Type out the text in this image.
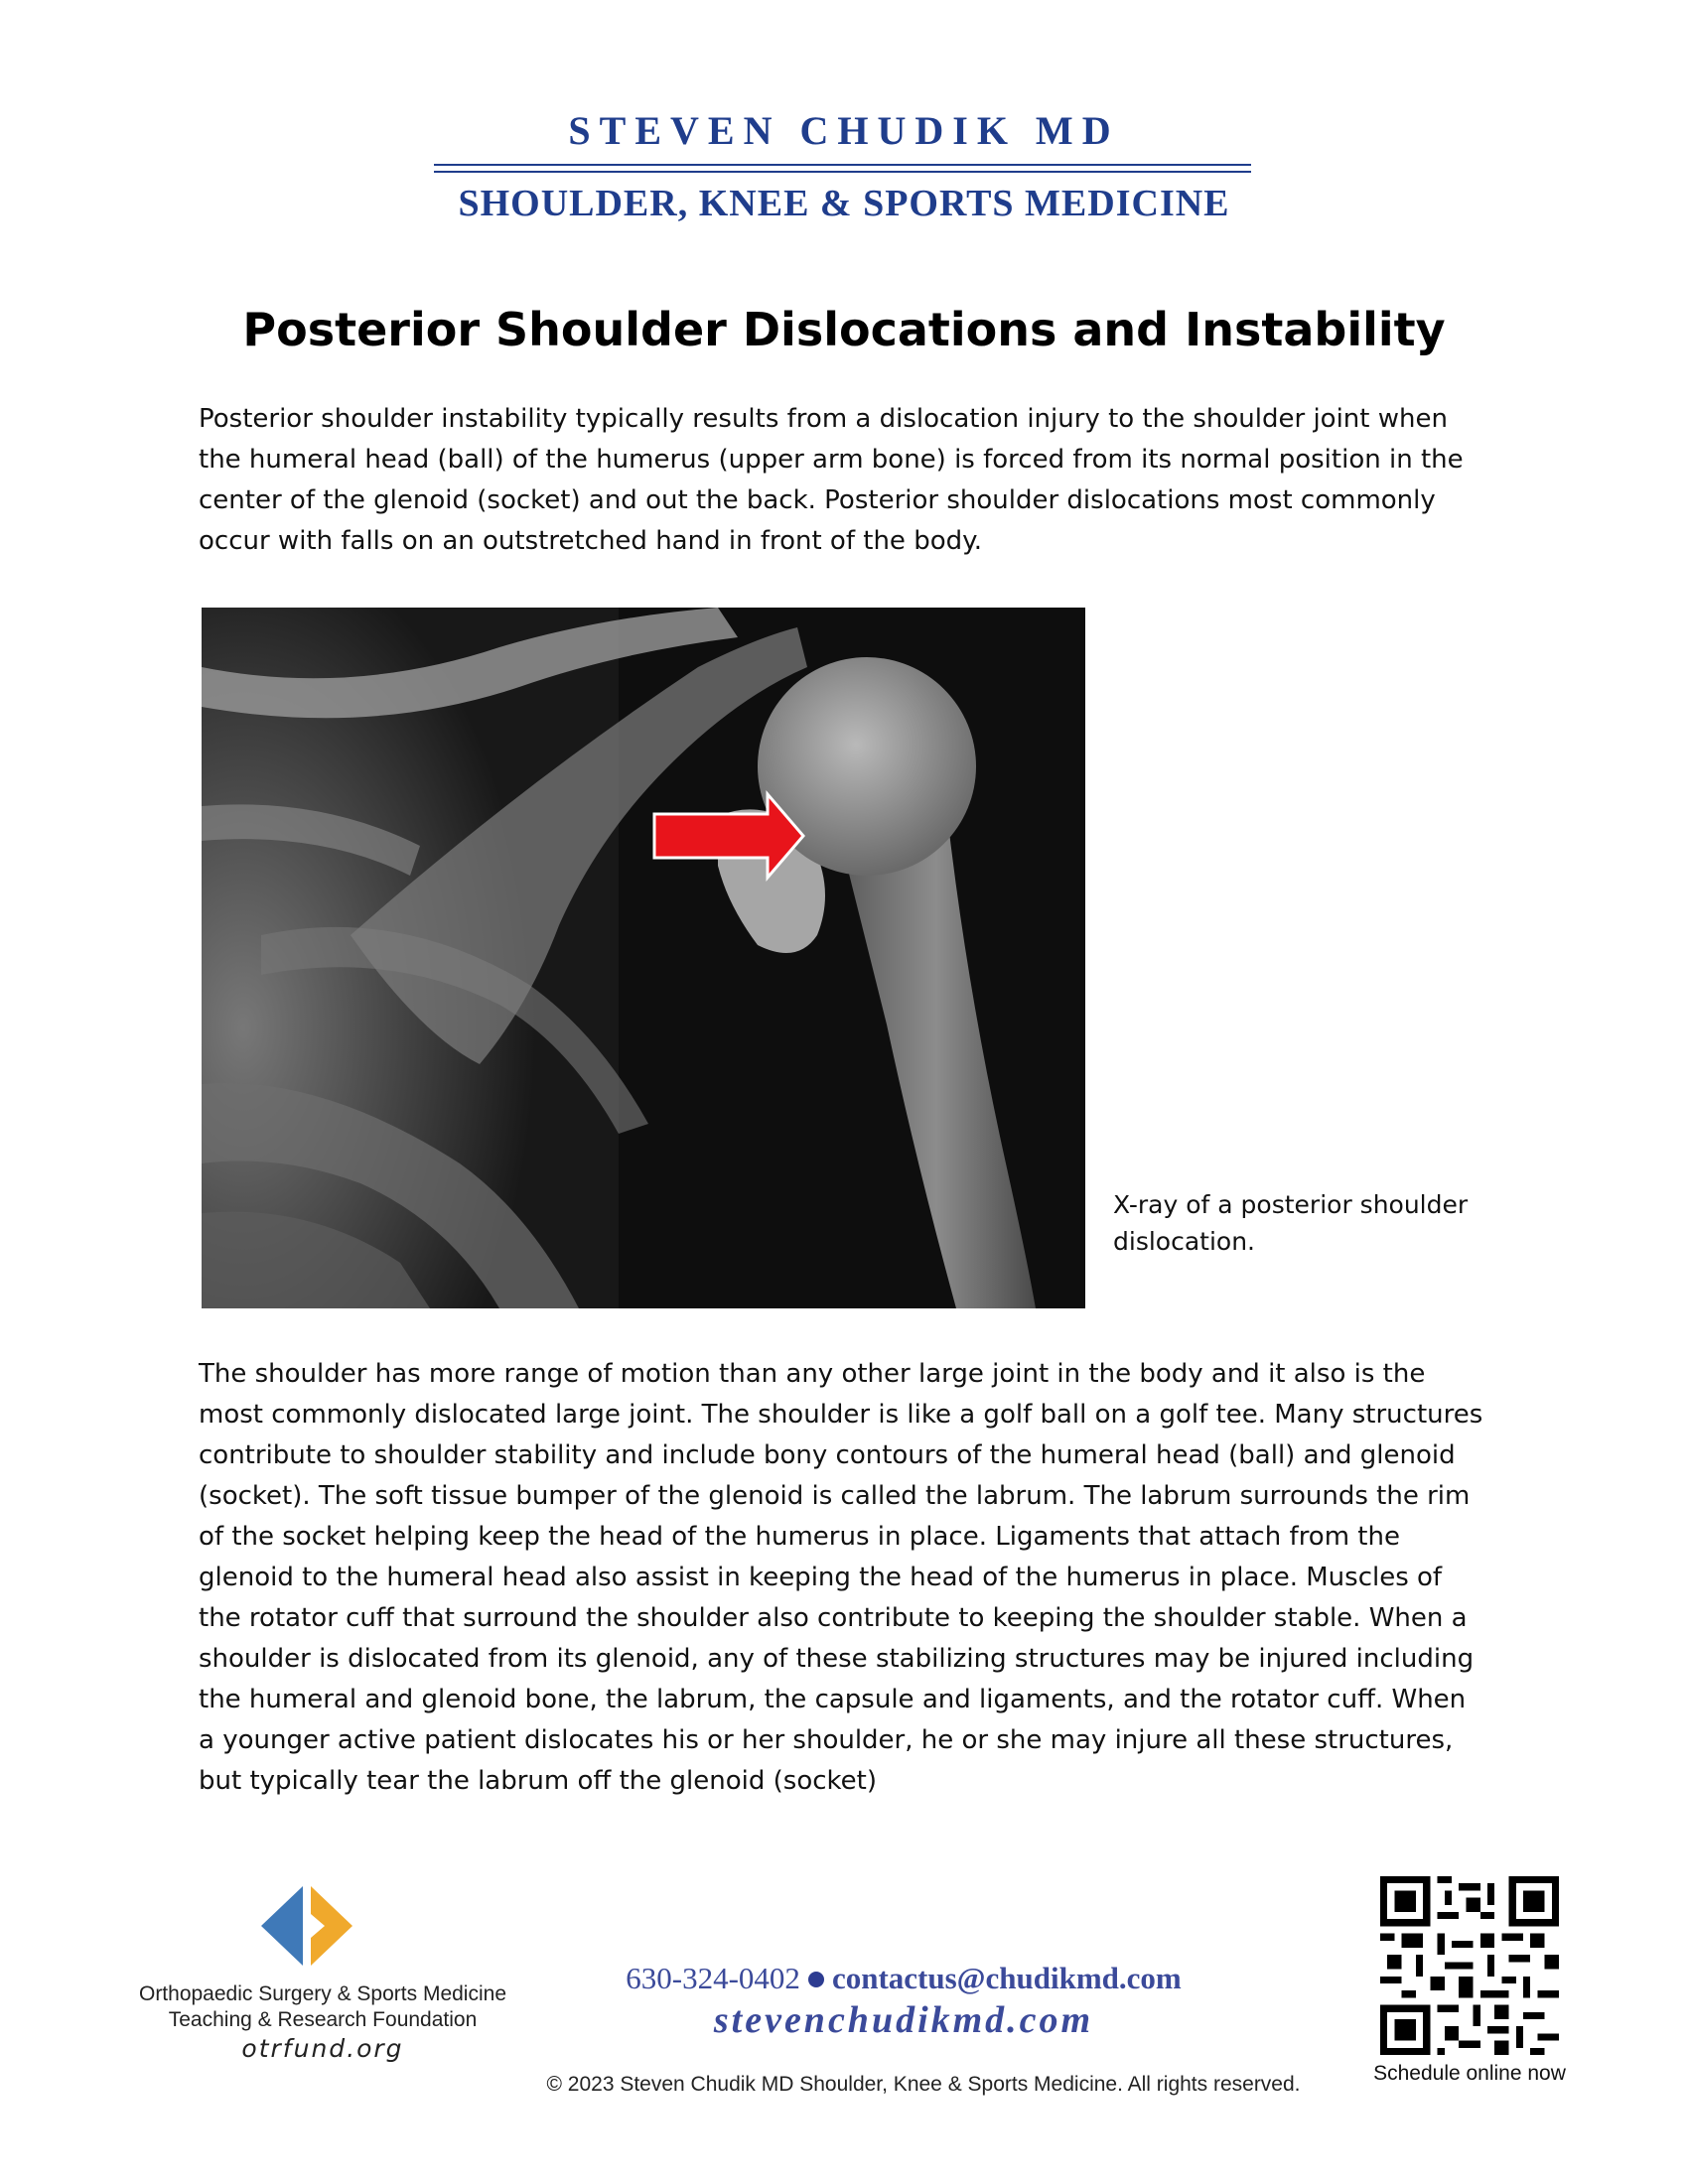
STEVEN CHUDIK MD
SHOULDER, KNEE & SPORTS MEDICINE
Posterior Shoulder Dislocations and Instability

Posterior shoulder instability typically results from a dislocation injury to the shoulder joint when the humeral head (ball) of the humerus (upper arm bone) is forced from its normal position in the center of the glenoid (socket) and out the back. Posterior shoulder dislocations most commonly occur with falls on an outstretched hand in front of the body.

X-ray of a posterior shoulder dislocation.

The shoulder has more range of motion than any other large joint in the body and it also is the most commonly dislocated large joint. The shoulder is like a golf ball on a golf tee. Many structures contribute to shoulder stability and include bony contours of the humeral head (ball) and glenoid (socket). The soft tissue bumper of the glenoid is called the labrum. The labrum surrounds the rim of the socket helping keep the head of the humerus in place. Ligaments that attach from the glenoid to the humeral head also assist in keeping the head of the humerus in place. Muscles of the rotator cuff that surround the shoulder also contribute to keeping the shoulder stable. When a shoulder is dislocated from its glenoid, any of these stabilizing structures may be injured including the humeral and glenoid bone, the labrum, the capsule and ligaments, and the rotator cuff. When a younger active patient dislocates his or her shoulder, he or she may injure all these structures, but typically tear the labrum off the glenoid (socket)

Orthopaedic Surgery & Sports Medicine
Teaching & Research Foundation
otrfund.org
630-324-0402 contactus@chudikmd.com
stevenchudikmd.com
© 2023 Steven Chudik MD Shoulder, Knee & Sports Medicine. All rights reserved.	Schedule online now
